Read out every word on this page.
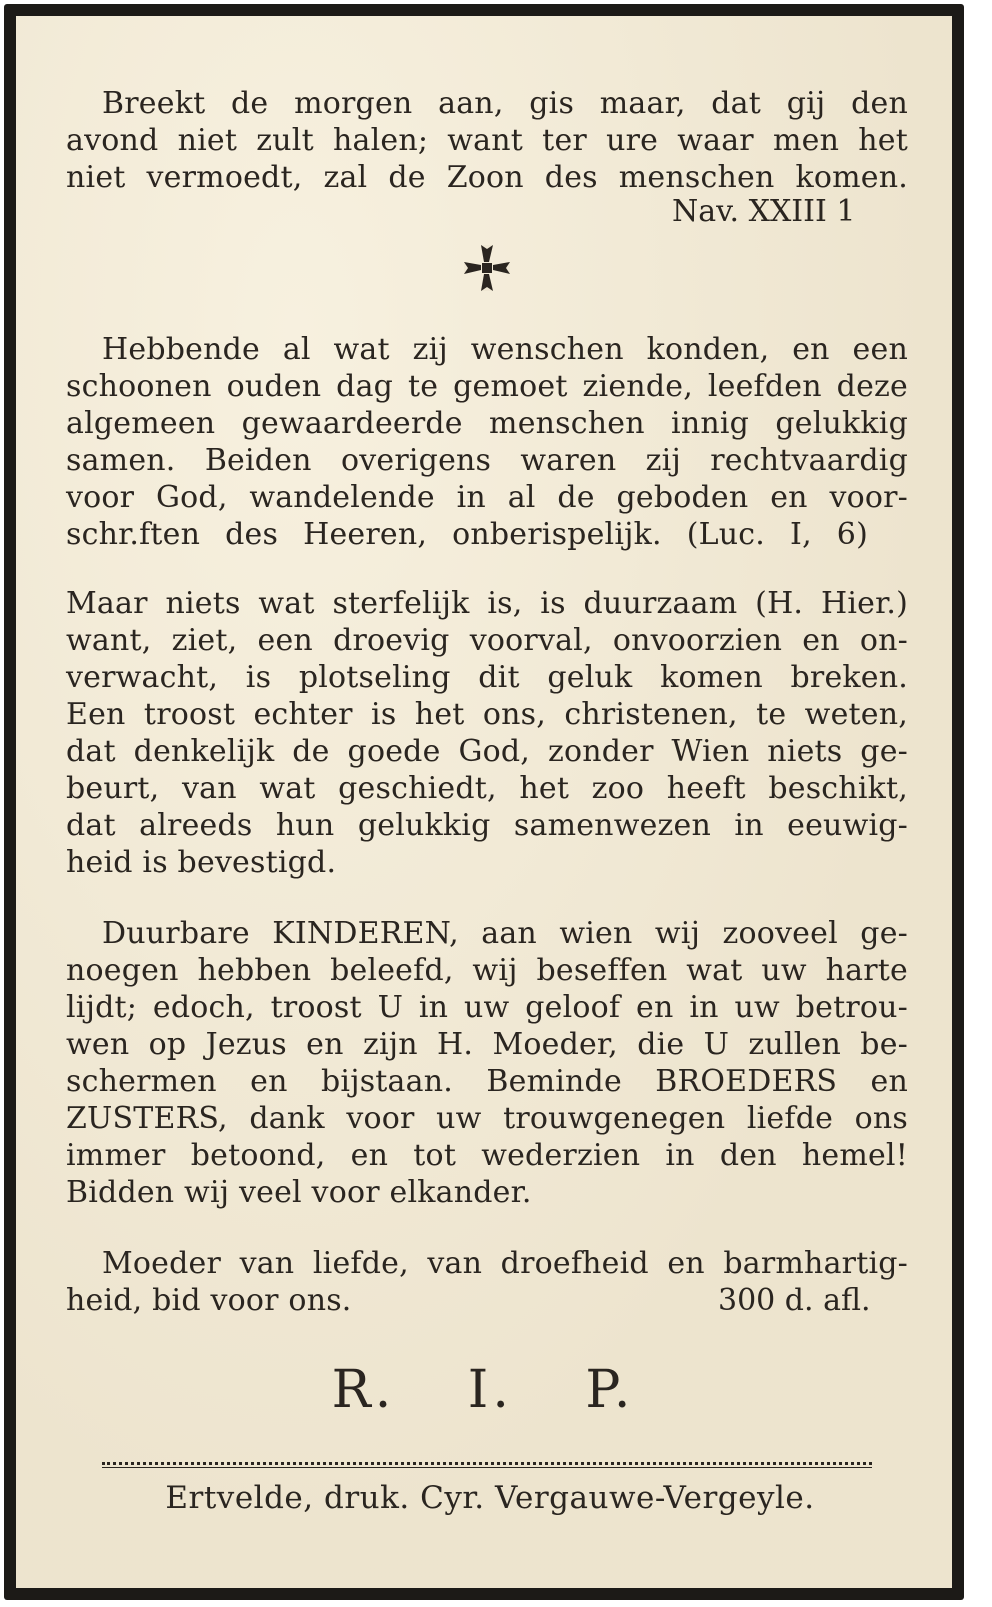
Breekt de morgen aan, gis maar, dat gij den
avond niet zult halen; want ter ure waar men het
niet vermoedt, zal de Zoon des menschen komen.
Nav. XXIII 1
Hebbende al wat zij wenschen konden, en een
schoonen ouden dag te gemoet ziende, leefden deze
algemeen gewaardeerde menschen innig gelukkig
samen. Beiden overigens waren zij rechtvaardig
voor God, wandelende in al de geboden en voor-
schr.ften des Heeren, onberispelijk. (Luc. I, 6)
Maar niets wat sterfelijk is, is duurzaam (H. Hier.)
want, ziet, een droevig voorval, onvoorzien en on-
verwacht, is plotseling dit geluk komen breken.
Een troost echter is het ons, christenen, te weten,
dat denkelijk de goede God, zonder Wien niets ge-
beurt, van wat geschiedt, het zoo heeft beschikt,
dat alreeds hun gelukkig samenwezen in eeuwig-
heid is bevestigd.
Duurbare KINDEREN, aan wien wij zooveel ge-
noegen hebben beleefd, wij beseffen wat uw harte
lijdt; edoch, troost U in uw geloof en in uw betrou-
wen op Jezus en zijn H. Moeder, die U zullen be-
schermen en bijstaan. Beminde BROEDERS en
ZUSTERS, dank voor uw trouwgenegen liefde ons
immer betoond, en tot wederzien in den hemel!
Bidden wij veel voor elkander.
Moeder van liefde, van droefheid en barmhartig-
heid, bid voor ons.	300 d. afl.
R. I. P.
Ertvelde, druk. Cyr. Vergauwe-Vergeyle.
